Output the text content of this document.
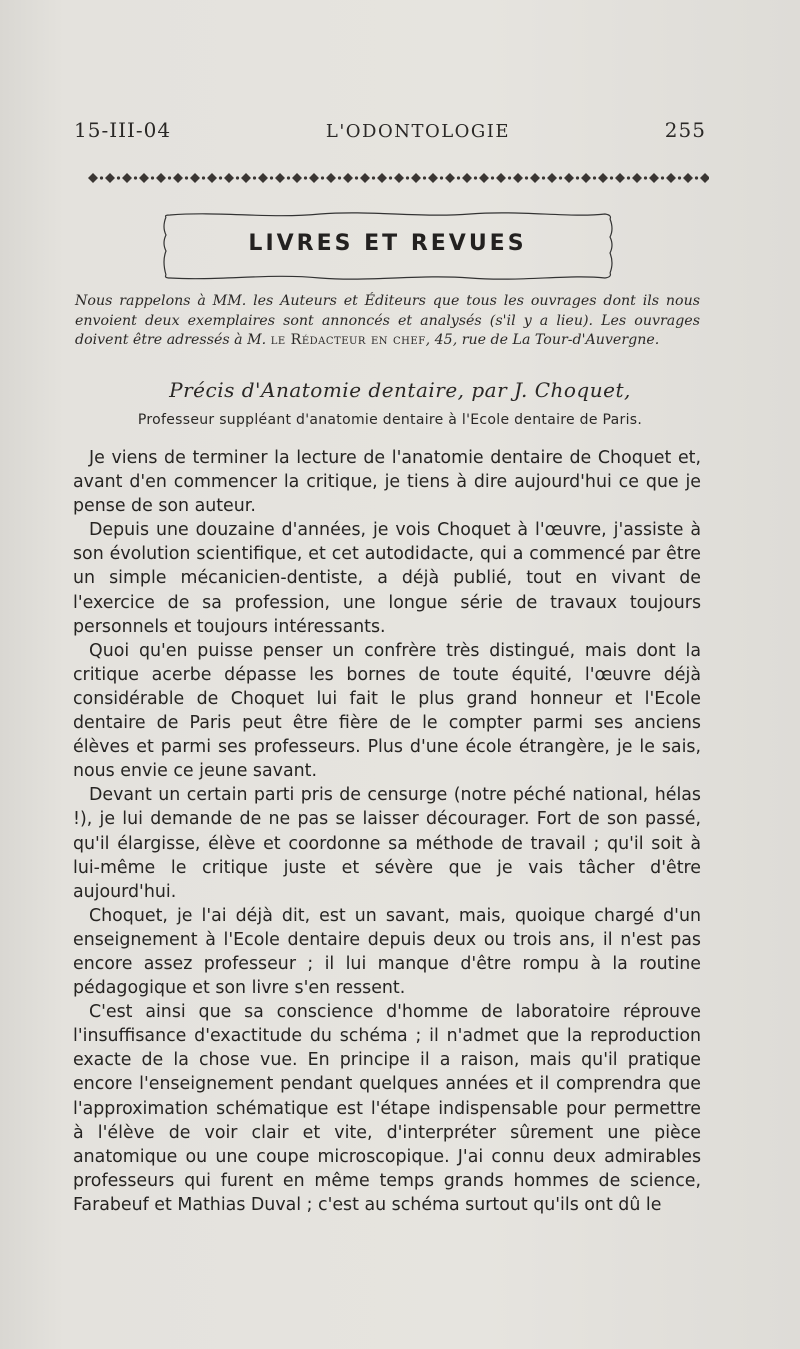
15-III-04	L'ODONTOLOGIE	255
LIVRES ET REVUES
Nous rappelons à MM. les Auteurs et Éditeurs que tous les ouvrages dont ils nous envoient deux exemplaires sont annoncés et analysés (s'il y a lieu). Les ouvrages doivent être adressés à M. le Rédacteur en chef, 45, rue de La Tour-d'Auvergne.
Précis d'Anatomie dentaire, par J. Choquet,
Professeur suppléant d'anatomie dentaire à l'Ecole dentaire de Paris.

Je viens de terminer la lecture de l'anatomie dentaire de Choquet et, avant d'en commencer la critique, je tiens à dire aujourd'hui ce que je pense de son auteur.

Depuis une douzaine d'années, je vois Choquet à l'œuvre, j'assiste à son évolution scientifique, et cet autodidacte, qui a commencé par être un simple mécanicien-dentiste, a déjà publié, tout en vivant de l'exercice de sa profession, une longue série de travaux toujours personnels et toujours intéressants.

Quoi qu'en puisse penser un confrère très distingué, mais dont la critique acerbe dépasse les bornes de toute équité, l'œuvre déjà considérable de Choquet lui fait le plus grand honneur et l'Ecole dentaire de Paris peut être fière de le compter parmi ses anciens élèves et parmi ses professeurs. Plus d'une école étrangère, je le sais, nous envie ce jeune savant.

Devant un certain parti pris de censurge (notre péché national, hélas !), je lui demande de ne pas se laisser décourager. Fort de son passé, qu'il élargisse, élève et coordonne sa méthode de travail ; qu'il soit à lui-même le critique juste et sévère que je vais tâcher d'être aujourd'hui.

Choquet, je l'ai déjà dit, est un savant, mais, quoique chargé d'un enseignement à l'Ecole dentaire depuis deux ou trois ans, il n'est pas encore assez professeur ; il lui manque d'être rompu à la routine pédagogique et son livre s'en ressent.

C'est ainsi que sa conscience d'homme de laboratoire réprouve l'insuffisance d'exactitude du schéma ; il n'admet que la reproduction exacte de la chose vue. En principe il a raison, mais qu'il pratique encore l'enseignement pendant quelques années et il comprendra que l'approximation schématique est l'étape indispensable pour permettre à l'élève de voir clair et vite, d'interpréter sûrement une pièce anatomique ou une coupe microscopique. J'ai connu deux admirables professeurs qui furent en même temps grands hommes de science, Farabeuf et Mathias Duval ; c'est au schéma surtout qu'ils ont dû le
